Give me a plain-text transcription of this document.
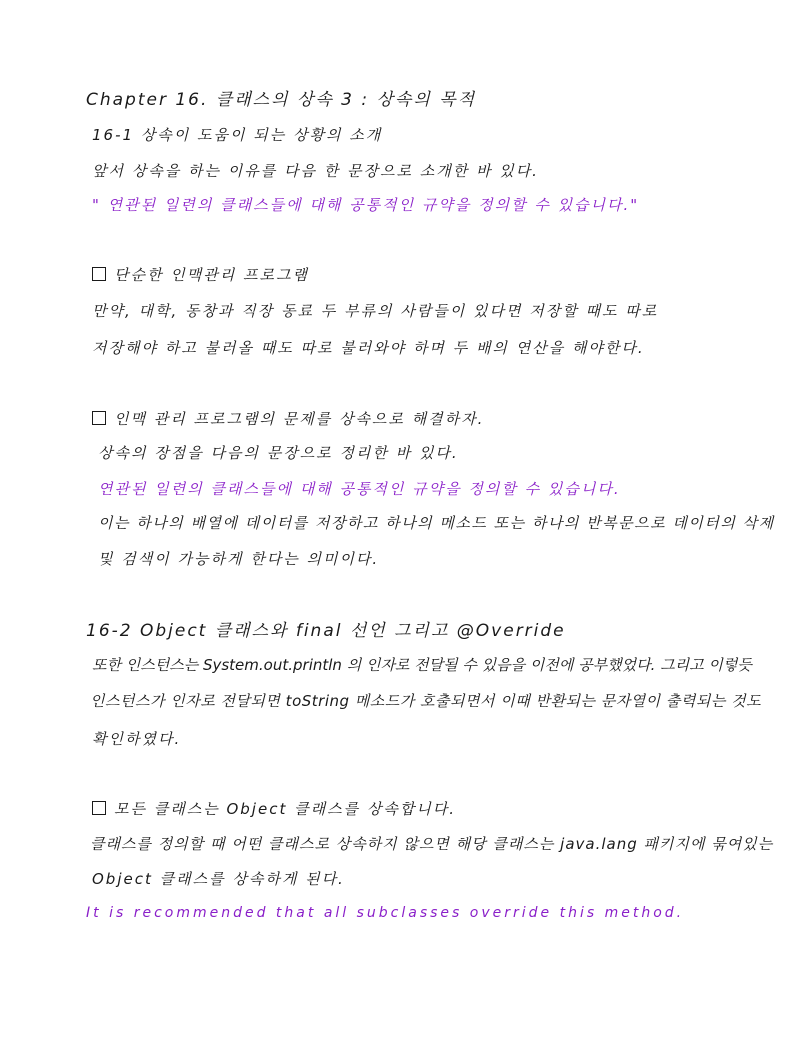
Chapter 16. 클래스의 상속 3 : 상속의 목적
16-1 상속이 도움이 되는 상황의 소개
앞서 상속을 하는 이유를 다음 한 문장으로 소개한 바 있다.
" 연관된 일련의 클래스들에 대해 공통적인 규약을 정의할 수 있습니다."
단순한 인맥관리 프로그램
만약, 대학, 동창과 직장 동료 두 부류의 사람들이 있다면 저장할 때도 따로
저장해야 하고 불러올 때도 따로 불러와야 하며 두 배의 연산을 해야한다.
인맥 관리 프로그램의 문제를 상속으로 해결하자.
상속의 장점을 다음의 문장으로 정리한 바 있다.
연관된 일련의 클래스들에 대해 공통적인 규약을 정의할 수 있습니다.
이는 하나의 배열에 데이터를 저장하고 하나의 메소드 또는 하나의 반복문으로 데이터의 삭제
및 검색이 가능하게 한다는 의미이다.
16-2 Object 클래스와 final 선언 그리고 @Override
또한 인스턴스는 System.out.println 의 인자로 전달될 수 있음을 이전에 공부했었다. 그리고 이렇듯
인스턴스가 인자로 전달되면 toString 메소드가 호출되면서 이때 반환되는 문자열이 출력되는 것도
확인하였다.
모든 클래스는 Object 클래스를 상속합니다.
클래스를 정의할 때 어떤 클래스로 상속하지 않으면 해당 클래스는 java.lang 패키지에 묶여있는
Object 클래스를 상속하게 된다.
It is recommended that all subclasses override this method.
